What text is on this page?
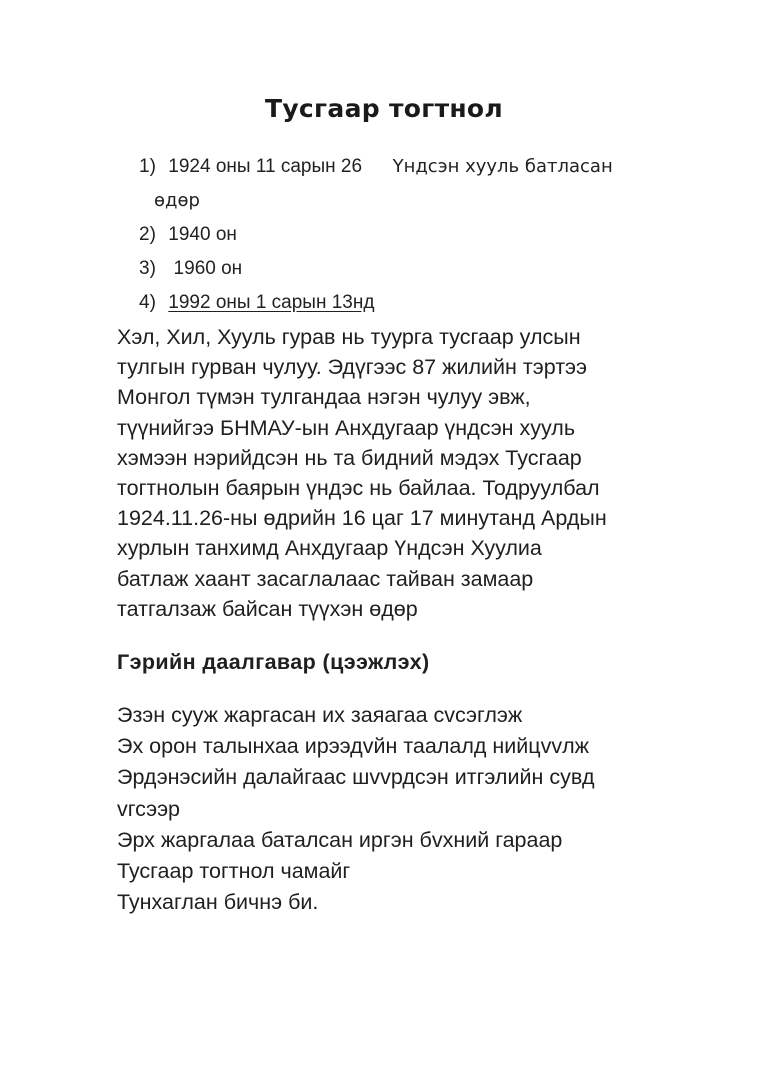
Тусгаар тогтнол
1) 1924 оны 11 сарын 26 Үндсэн хууль батласан
өдөр
2) 1940 он
3)  1960 он
4) 1992 оны 1 сарын 13нд
Хэл, Хил, Хууль гурав нь туурга тусгаар улсын
тулгын гурван чулуу. Эдүгээс 87 жилийн тэртээ
Монгол түмэн тулгандаа нэгэн чулуу эвж,
түүнийгээ БНМАУ-ын Анхдугаар үндсэн хууль
хэмээн нэрийдсэн нь та бидний мэдэх Тусгаар
тогтнолын баярын үндэс нь байлаа. Тодруулбал
1924.11.26-ны өдрийн 16 цаг 17 минутанд Ардын
хурлын танхимд Анхдугаар Үндсэн Хуулиа
батлаж хаант засаглалаас тайван замаар
татгалзаж байсан түүхэн өдөр
Гэрийн даалгавар (цээжлэх)
Эзэн сууж жаргасан их заяагаа сvсэглэж
Эх орон талынхаа ирээдvйн таалалд нийцvvлж
Эрдэнэсийн далайгаас шvvрдсэн итгэлийн сувд
vгсээр
Эрх жаргалаа баталсан иргэн бvхний гараар
Тусгаар тогтнол чамайг
Тунхаглан бичнэ би.
